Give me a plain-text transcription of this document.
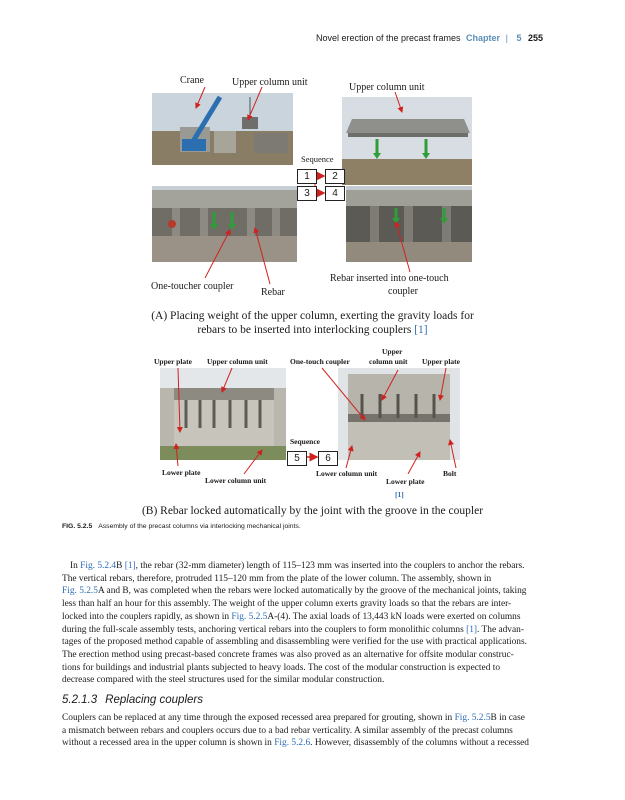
Novel erection of the precast frames Chapter | 5 255
Crane	Upper column unit	Upper column unit
Sequence
1	2
3	4
One-toucher coupler
Rebar
Rebar inserted into one-touch
coupler
(A) Placing weight of the upper column, exerting the gravity loads for
rebars to be inserted into interlocking couplers [1]
Upper plate Upper column unit	One-touch coupler
Upper
column unit Upper plate
Sequence
5	6
Lower plate
Lower column unit
Lower column unit
Lower plate
Bolt
[1]
(B) Rebar locked automatically by the joint with the groove in the coupler
FIG. 5.2.5 Assembly of the precast columns via interlocking mechanical joints.
In Fig. 5.2.4B [1], the rebar (32-mm diameter) length of 115–123 mm was inserted into the couplers to anchor the rebars.
The vertical rebars, therefore, protruded 115–120 mm from the plate of the lower column. The assembly, shown in
Fig. 5.2.5A and B, was completed when the rebars were locked automatically by the groove of the mechanical joints, taking
less than half an hour for this assembly. The weight of the upper column exerts gravity loads so that the rebars are inter-
locked into the couplers rapidly, as shown in Fig. 5.2.5A-(4). The axial loads of 13,443 kN loads were exerted on columns
during the full-scale assembly tests, anchoring vertical rebars into the couplers to form monolithic columns [1]. The advan-
tages of the proposed method capable of assembling and disassembling were verified for the use with practical applications.
The erection method using precast-based concrete frames was also proved as an alternative for offsite modular construc-
tions for buildings and industrial plants subjected to heavy loads. The cost of the modular construction is expected to
decrease compared with the steel structures used for the similar modular construction.
5.2.1.3 Replacing couplers
Couplers can be replaced at any time through the exposed recessed area prepared for grouting, shown in Fig. 5.2.5B in case
a mismatch between rebars and couplers occurs due to a bad rebar verticality. A similar assembly of the precast columns
without a recessed area in the upper column is shown in Fig. 5.2.6. However, disassembly of the columns without a recessed
